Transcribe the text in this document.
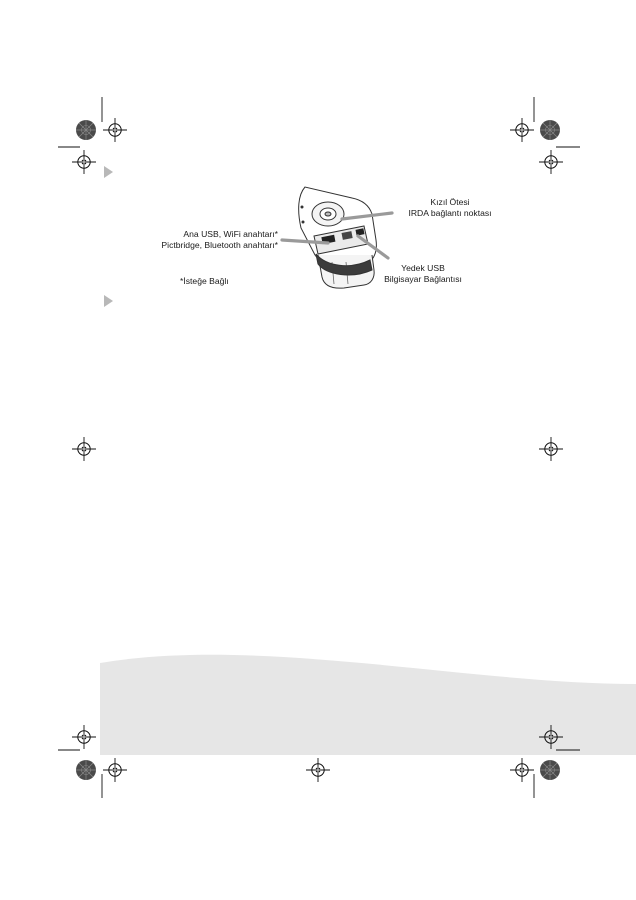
Kızıl Ötesi
IRDA bağlantı noktası
Ana USB, WiFi anahtarı*
Pictbridge, Bluetooth anahtarı*
Yedek USB
Bilgisayar Bağlantısı
*İsteğe Bağlı
